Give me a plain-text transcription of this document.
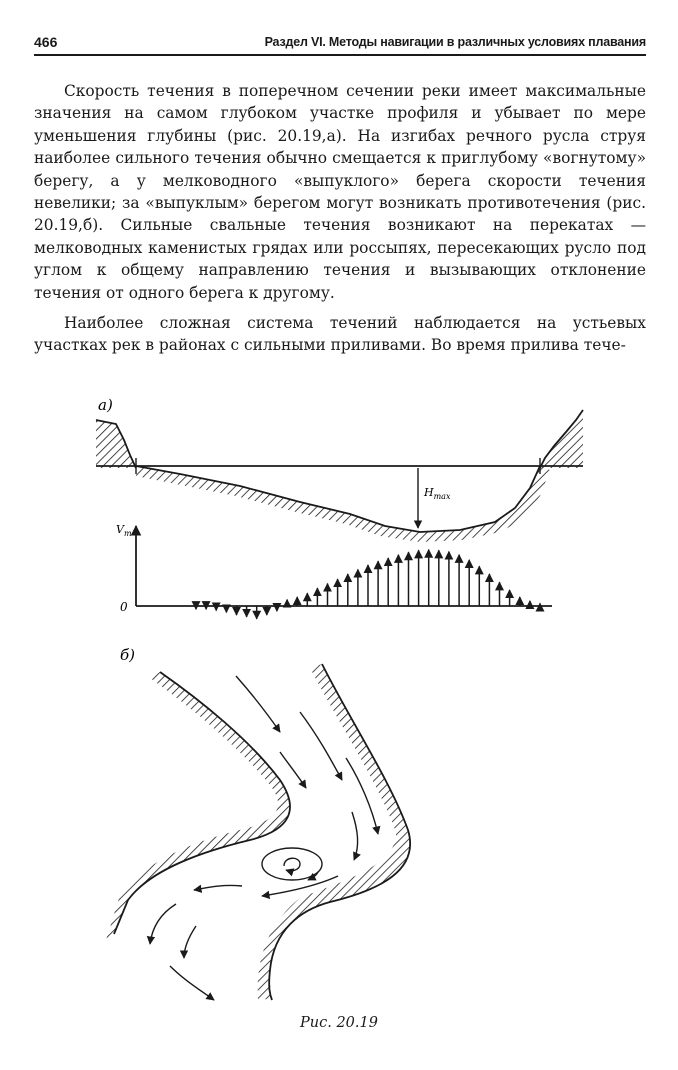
466	Раздел VI. Методы навигации в различных условиях плавания

Скорость течения в поперечном сечении реки имеет максимальные значения на самом глубоком участке профиля и убывает по мере уменьшения глубины (рис. 20.19,а). На изгибах речного русла струя наиболее сильного течения обычно смещается к приглубому «вогнутому» берегу, а у мелководного «выпуклого» берега скорости течения невелики; за «выпуклым» берегом могут возникать противотечения (рис. 20.19,б). Сильные свальные течения возникают на перекатах — мелководных каменистых грядах или россыпях, пересекающих русло под углом к общему направлению течения и вызывающих отклонение течения от одного берега к другому.

Наиболее сложная система течений наблюдается на устьевых участках рек в районах с сильными приливами. Во время прилива тече-

а)
$H_{max}$
$V_т$
0
б)
Рис. 20.19
